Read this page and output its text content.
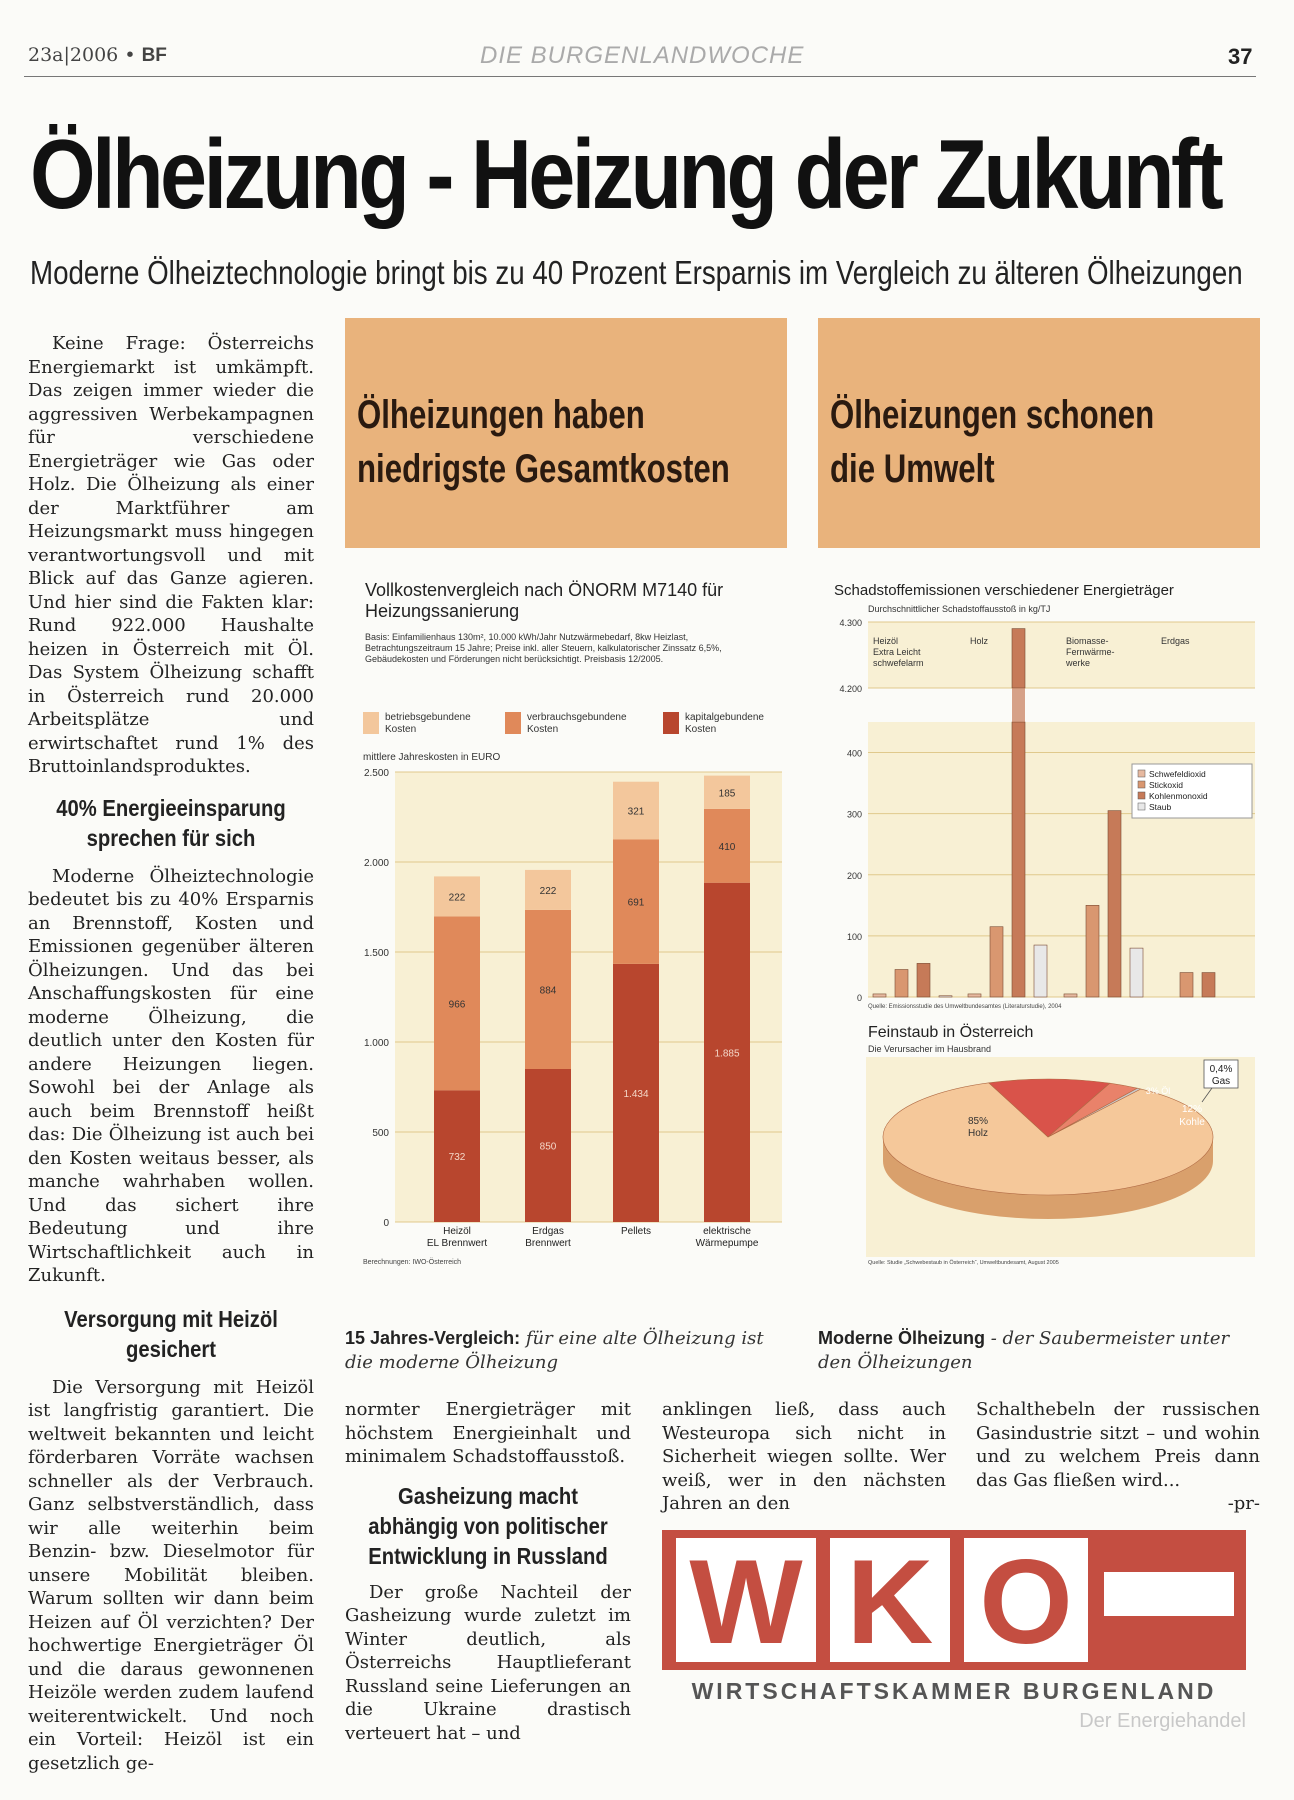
23a|2006 • BF	DIE BURGENLANDWOCHE	37
Ölheizung - Heizung der Zukunft
Moderne Ölheiztechnologie bringt bis zu 40 Prozent Ersparnis im Vergleich zu älteren Ölheizungen

Keine Frage: Österreichs Energiemarkt ist umkämpft. Das zeigen immer wieder die aggressiven Werbekampagnen für verschiedene Energieträger wie Gas oder Holz. Die Ölheizung als einer der Marktführer am Heizungsmarkt muss hingegen verantwortungsvoll und mit Blick auf das Ganze agieren. Und hier sind die Fakten klar: Rund 922.000 Haushalte heizen in Österreich mit Öl. Das System Ölheizung schafft in Österreich rund 20.000 Arbeitsplätze und erwirtschaftet rund 1% des Bruttoinlandsproduktes.

40% Energieeinsparung sprechen für sich

Moderne Ölheiztechnologie bedeutet bis zu 40% Ersparnis an Brennstoff, Kosten und Emissionen gegenüber älteren Ölheizungen. Und das bei Anschaffungskosten für eine moderne Ölheizung, die deutlich unter den Kosten für andere Heizungen liegen. Sowohl bei der Anlage als auch beim Brennstoff heißt das: Die Ölheizung ist auch bei den Kosten weitaus besser, als manche wahrhaben wollen. Und das sichert ihre Bedeutung und ihre Wirtschaftlichkeit auch in Zukunft.

Versorgung mit Heizöl gesichert

Die Versorgung mit Heizöl ist langfristig garantiert. Die weltweit bekannten und leicht förderbaren Vorräte wachsen schneller als der Verbrauch. Ganz selbstverständlich, dass wir alle weiterhin beim Benzin- bzw. Dieselmotor für unsere Mobilität bleiben. Warum sollten wir dann beim Heizen auf Öl verzichten? Der hochwertige Energieträger Öl und die daraus gewonnenen Heizöle werden zudem laufend weiterentwickelt. Und noch ein Vorteil: Heizöl ist ein gesetzlich ge-

Ölheizungen haben
niedrigste Gesamtkosten
Ölheizungen schonen
die Umwelt
Vollkostenvergleich nach ÖNORM M7140 für Heizungssanierung
Basis: Einfamilienhaus 130m², 10.000 kWh/Jahr Nutzwärmebedarf, 8kw Heizlast, Betrachtungszeitraum 15 Jahre; Preise inkl. aller Steuern, kalkulatorischer Zinssatz 6,5%, Gebäudekosten und Förderungen nicht berücksichtigt. Preisbasis 12/2005.
betriebsgebundene Kosten
verbrauchsgebundene Kosten
kapitalgebundene Kosten
mittlere Jahreskosten in EURO
0
500
1.000
1.500
2.000
2.500
732
966
222
Heizöl EL Brennwert
850
884
222
Erdgas Brennwert
1.434
691
321
Pellets
1.885
410
185
elektrische Wärmepumpe
Berechnungen: IWO-Österreich
Schadstoffemissionen verschiedener Energieträger
Durchschnittlicher Schadstoffausstoß in kg/TJ
4.200
4.300
0
100
200
300
400
Heizöl Extra Leicht schwefelarm
Holz	Biomasse-Fernwärme-werke
Erdgas
Schwefeldioxid
Stickoxid
Kohlenmonoxid
Staub
Quelle: Emissionsstudie des Umweltbundesamtes (Literaturstudie), 2004
Feinstaub in Österreich
Die Verursacher im Hausbrand
85%
Holz
12%
Kohle
3% Öl
0,4%
Gas
Quelle: Studie „Schwebestaub in Österreich“, Umweltbundesamt, August 2005
15 Jahres-Vergleich: für eine alte Ölheizung ist die moderne Ölheizung
Moderne Ölheizung - der Saubermeister unter den Ölheizungen

normter Energieträger mit höchstem Energieinhalt und minimalem Schadstoffausstoß.

Gasheizung macht abhängig von politischer Entwicklung in Russland

Der große Nachteil der Gasheizung wurde zuletzt im Winter deutlich, als Österreichs Hauptlieferant Russland seine Lieferungen an die Ukraine drastisch verteuert hat – und

anklingen ließ, dass auch Westeuropa sich nicht in Sicherheit wiegen sollte. Wer weiß, wer in den nächsten Jahren an den

Schalthebeln der russischen Gasindustrie sitzt – und wohin und zu welchem Preis dann das Gas fließen wird...

-pr-
W K O
WIRTSCHAFTSKAMMER BURGENLAND
Der Energiehandel
